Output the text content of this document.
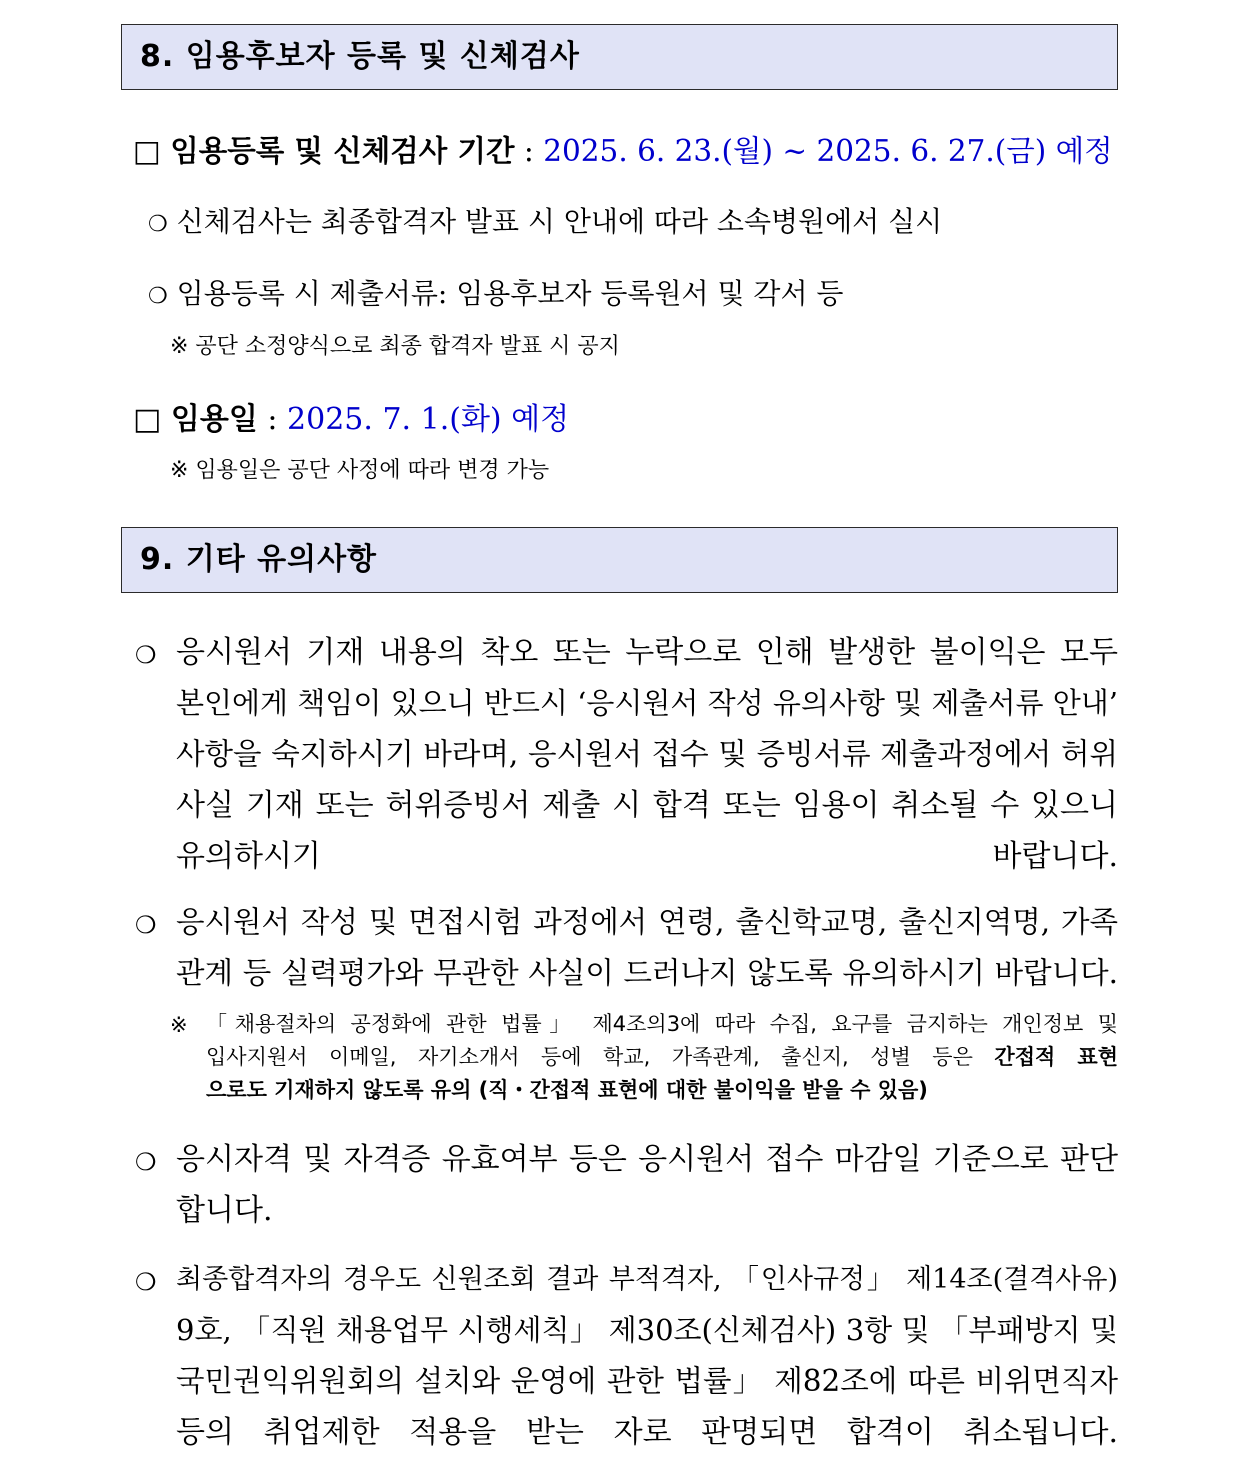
8. 임용후보자 등록 및 신체검사
□ 임용등록 및 신체검사 기간 : 2025. 6. 23.(월) ~ 2025. 6. 27.(금) 예정
❍ 신체검사는 최종합격자 발표 시 안내에 따라 소속병원에서 실시
❍ 임용등록 시 제출서류: 임용후보자 등록원서 및 각서 등
※ 공단 소정양식으로 최종 합격자 발표 시 공지
□ 임용일 : 2025. 7. 1.(화) 예정
※ 임용일은 공단 사정에 따라 변경 가능
9. 기타 유의사항
❍ 응시원서 기재 내용의 착오 또는 누락으로 인해 발생한 불이익은 모두
본인에게 책임이 있으니 반드시 ‘응시원서 작성 유의사항 및 제출서류 안내’
사항을 숙지하시기 바라며, 응시원서 접수 및 증빙서류 제출과정에서 허위
사실 기재 또는 허위증빙서 제출 시 합격 또는 임용이 취소될 수 있으니
유의하시기 바랍니다.
❍ 응시원서 작성 및 면접시험 과정에서 연령, 출신학교명, 출신지역명, 가족
관계 등 실력평가와 무관한 사실이 드러나지 않도록 유의하시기 바랍니다.
※ 「채용절차의 공정화에 관한 법률」 제4조의3에 따라 수집, 요구를 금지하는 개인정보 및
입사지원서 이메일, 자기소개서 등에 학교, 가족관계, 출신지, 성별 등은 간접적 표현
으로도 기재하지 않도록 유의 (직・간접적 표현에 대한 불이익을 받을 수 있음)
❍ 응시자격 및 자격증 유효여부 등은 응시원서 접수 마감일 기준으로 판단
합니다.
❍ 최종합격자의 경우도 신원조회 결과 부적격자, 「인사규정」 제14조(결격사유)
9호, 「직원 채용업무 시행세칙」 제30조(신체검사) 3항 및 「부패방지 및
국민권익위원회의 설치와 운영에 관한 법률」 제82조에 따른 비위면직자
등의 취업제한 적용을 받는 자로 판명되면 합격이 취소됩니다.
